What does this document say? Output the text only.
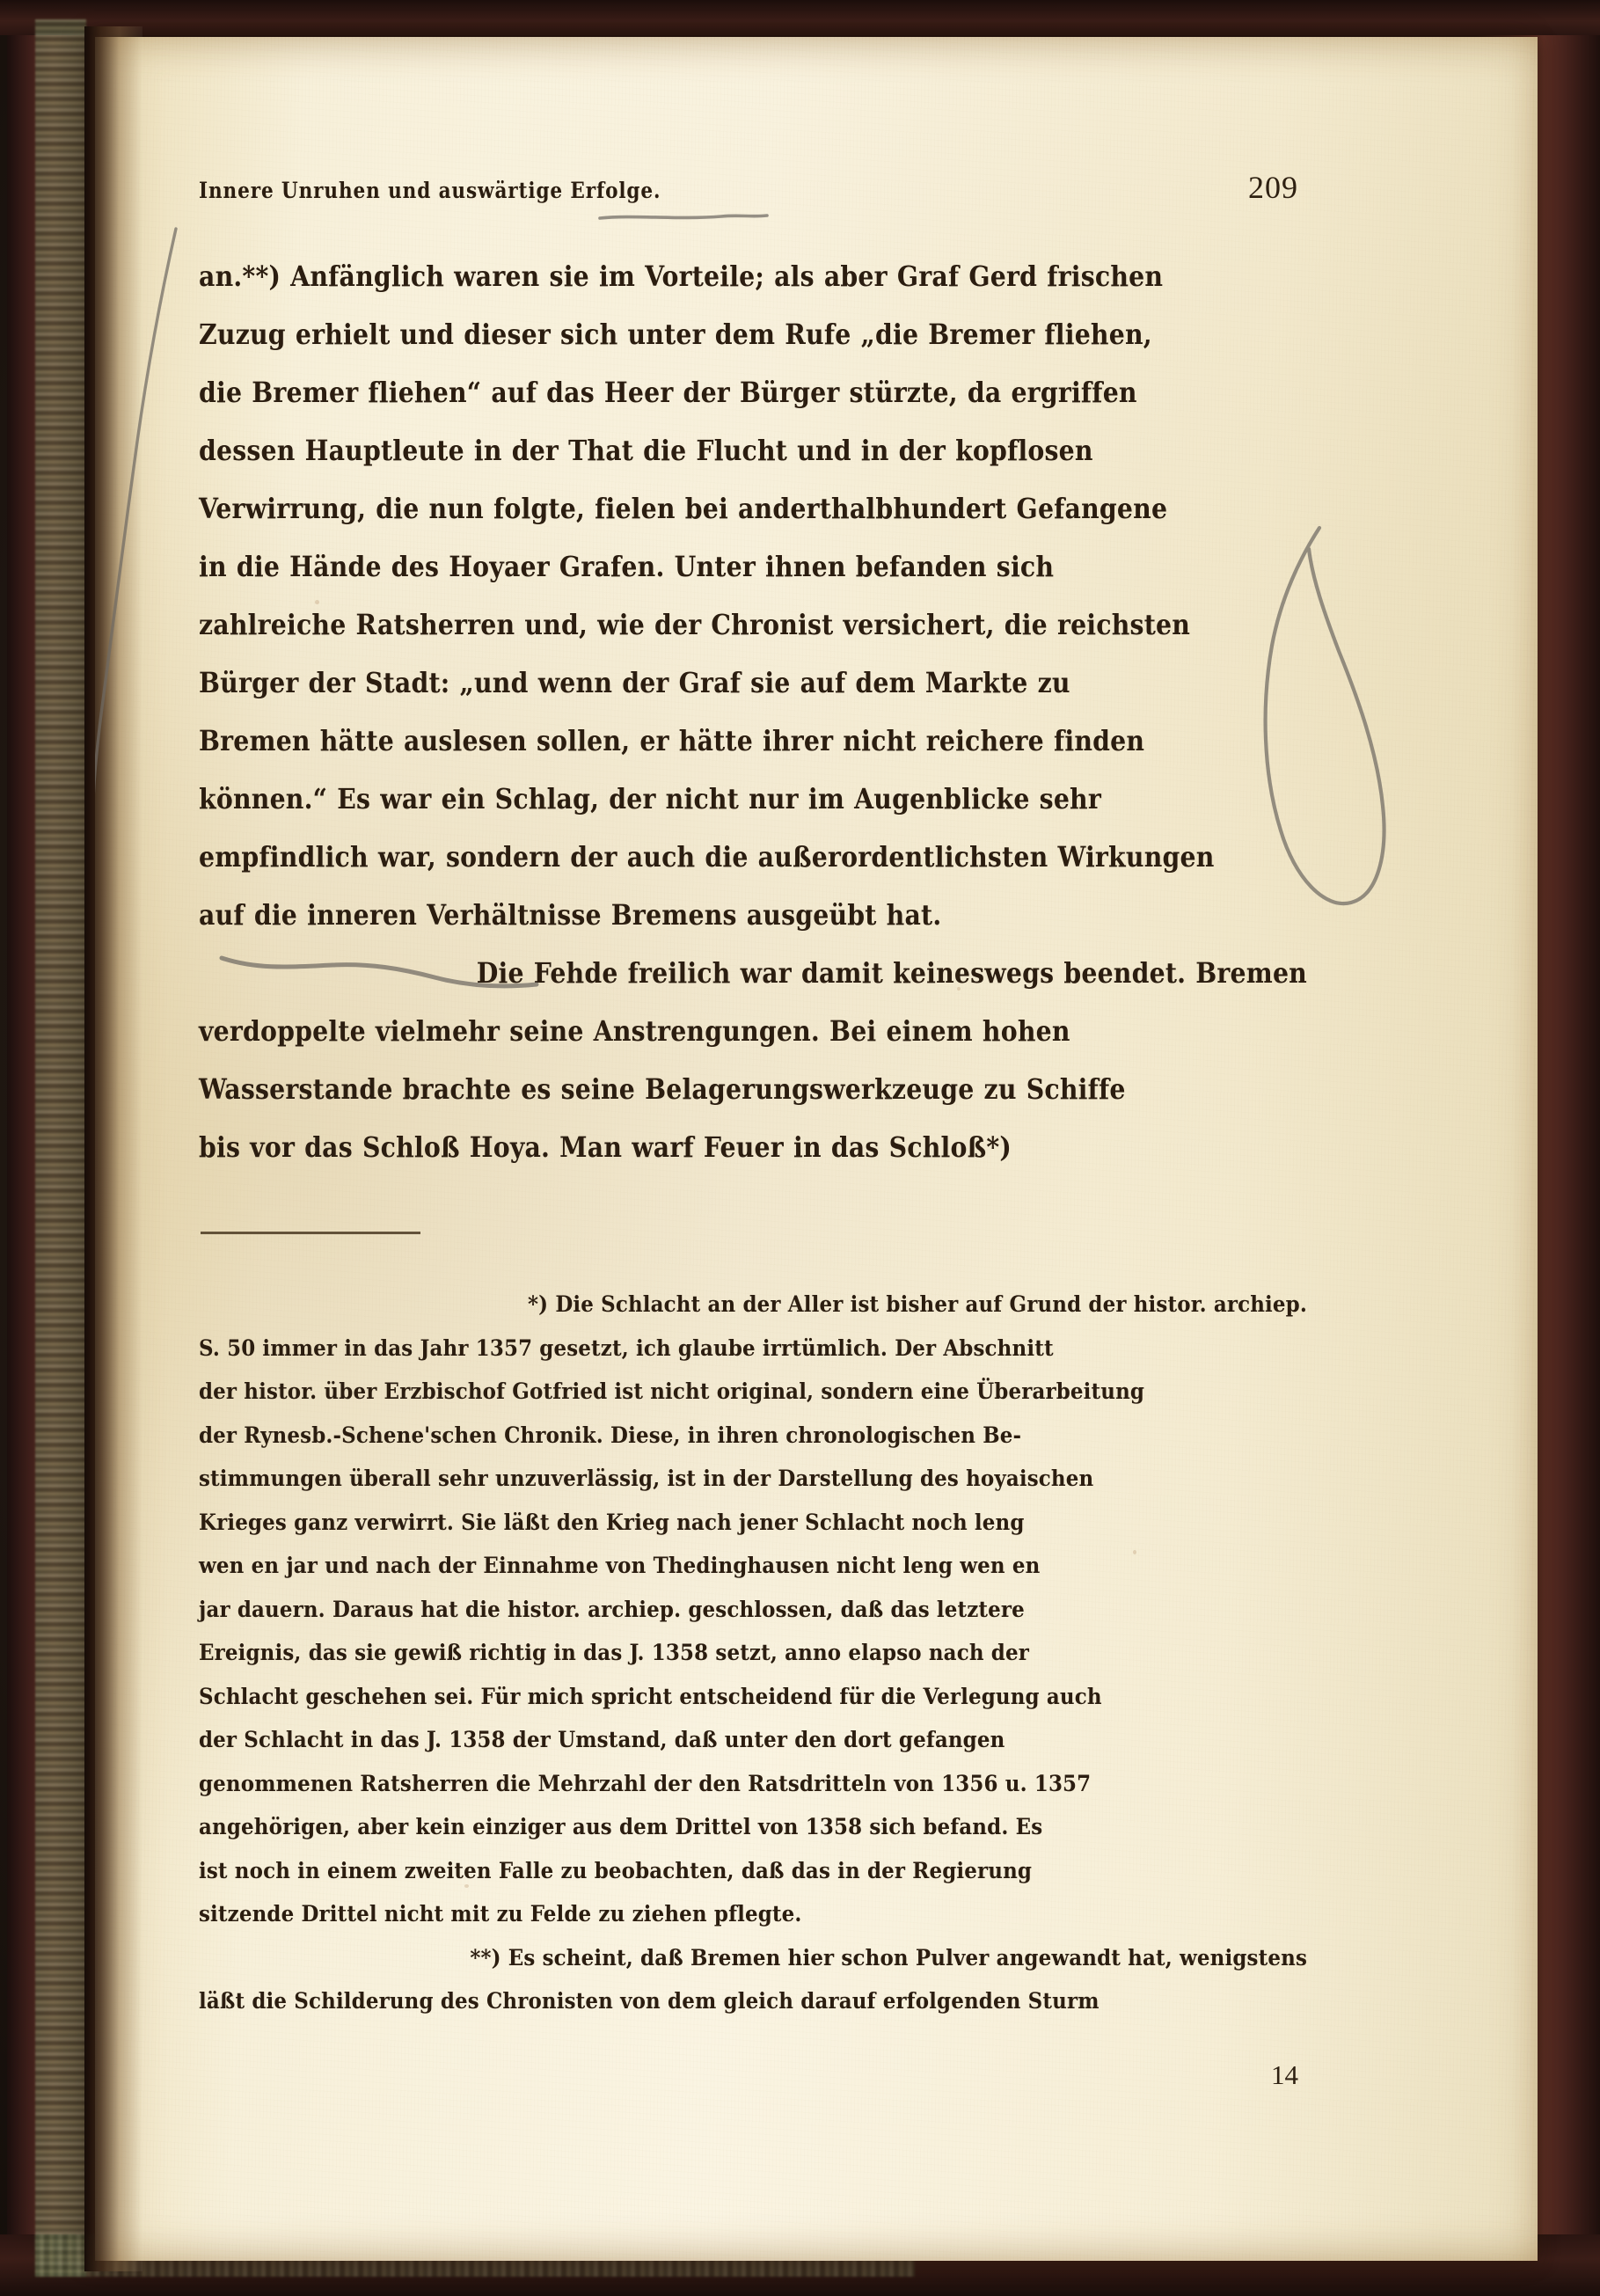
Innere Unruhen und auswärtige Erfolge.	209

an.**) Anfänglich waren sie im Vorteile; als aber Graf Gerd frischen
Zuzug erhielt und dieser sich unter dem Rufe „die Bremer fliehen,
die Bremer fliehen“ auf das Heer der Bürger stürzte, da ergriffen
dessen Hauptleute in der That die Flucht und in der kopflosen
Verwirrung, die nun folgte, fielen bei anderthalbhundert Gefangene
in die Hände des Hoyaer Grafen. Unter ihnen befanden sich
zahlreiche Ratsherren und, wie der Chronist versichert, die reichsten
Bürger der Stadt: „und wenn der Graf sie auf dem Markte zu
Bremen hätte auslesen sollen, er hätte ihrer nicht reichere finden
können.“ Es war ein Schlag, der nicht nur im Augenblicke sehr
empfindlich war, sondern der auch die außerordentlichsten Wirkungen
auf die inneren Verhältnisse Bremens ausgeübt hat.

Die Fehde freilich war damit keineswegs beendet. Bremen
verdoppelte vielmehr seine Anstrengungen. Bei einem hohen
Wasserstande brachte es seine Belagerungswerkzeuge zu Schiffe
bis vor das Schloß Hoya. Man warf Feuer in das Schloß*)

*) Die Schlacht an der Aller ist bisher auf Grund der histor. archiep.
S. 50 immer in das Jahr 1357 gesetzt, ich glaube irrtümlich. Der Abschnitt
der histor. über Erzbischof Gotfried ist nicht original, sondern eine Überarbeitung
der Rynesb.-Schene'schen Chronik. Diese, in ihren chronologischen Be-
stimmungen überall sehr unzuverlässig, ist in der Darstellung des hoyaischen
Krieges ganz verwirrt. Sie läßt den Krieg nach jener Schlacht noch leng
wen en jar und nach der Einnahme von Thedinghausen nicht leng wen en
jar dauern. Daraus hat die histor. archiep. geschlossen, daß das letztere
Ereignis, das sie gewiß richtig in das J. 1358 setzt, anno elapso nach der
Schlacht geschehen sei. Für mich spricht entscheidend für die Verlegung auch
der Schlacht in das J. 1358 der Umstand, daß unter den dort gefangen
genommenen Ratsherren die Mehrzahl der den Ratsdritteln von 1356 u. 1357
angehörigen, aber kein einziger aus dem Drittel von 1358 sich befand. Es
ist noch in einem zweiten Falle zu beobachten, daß das in der Regierung
sitzende Drittel nicht mit zu Felde zu ziehen pflegte.

**) Es scheint, daß Bremen hier schon Pulver angewandt hat, wenigstens
läßt die Schilderung des Chronisten von dem gleich darauf erfolgenden Sturm

14
